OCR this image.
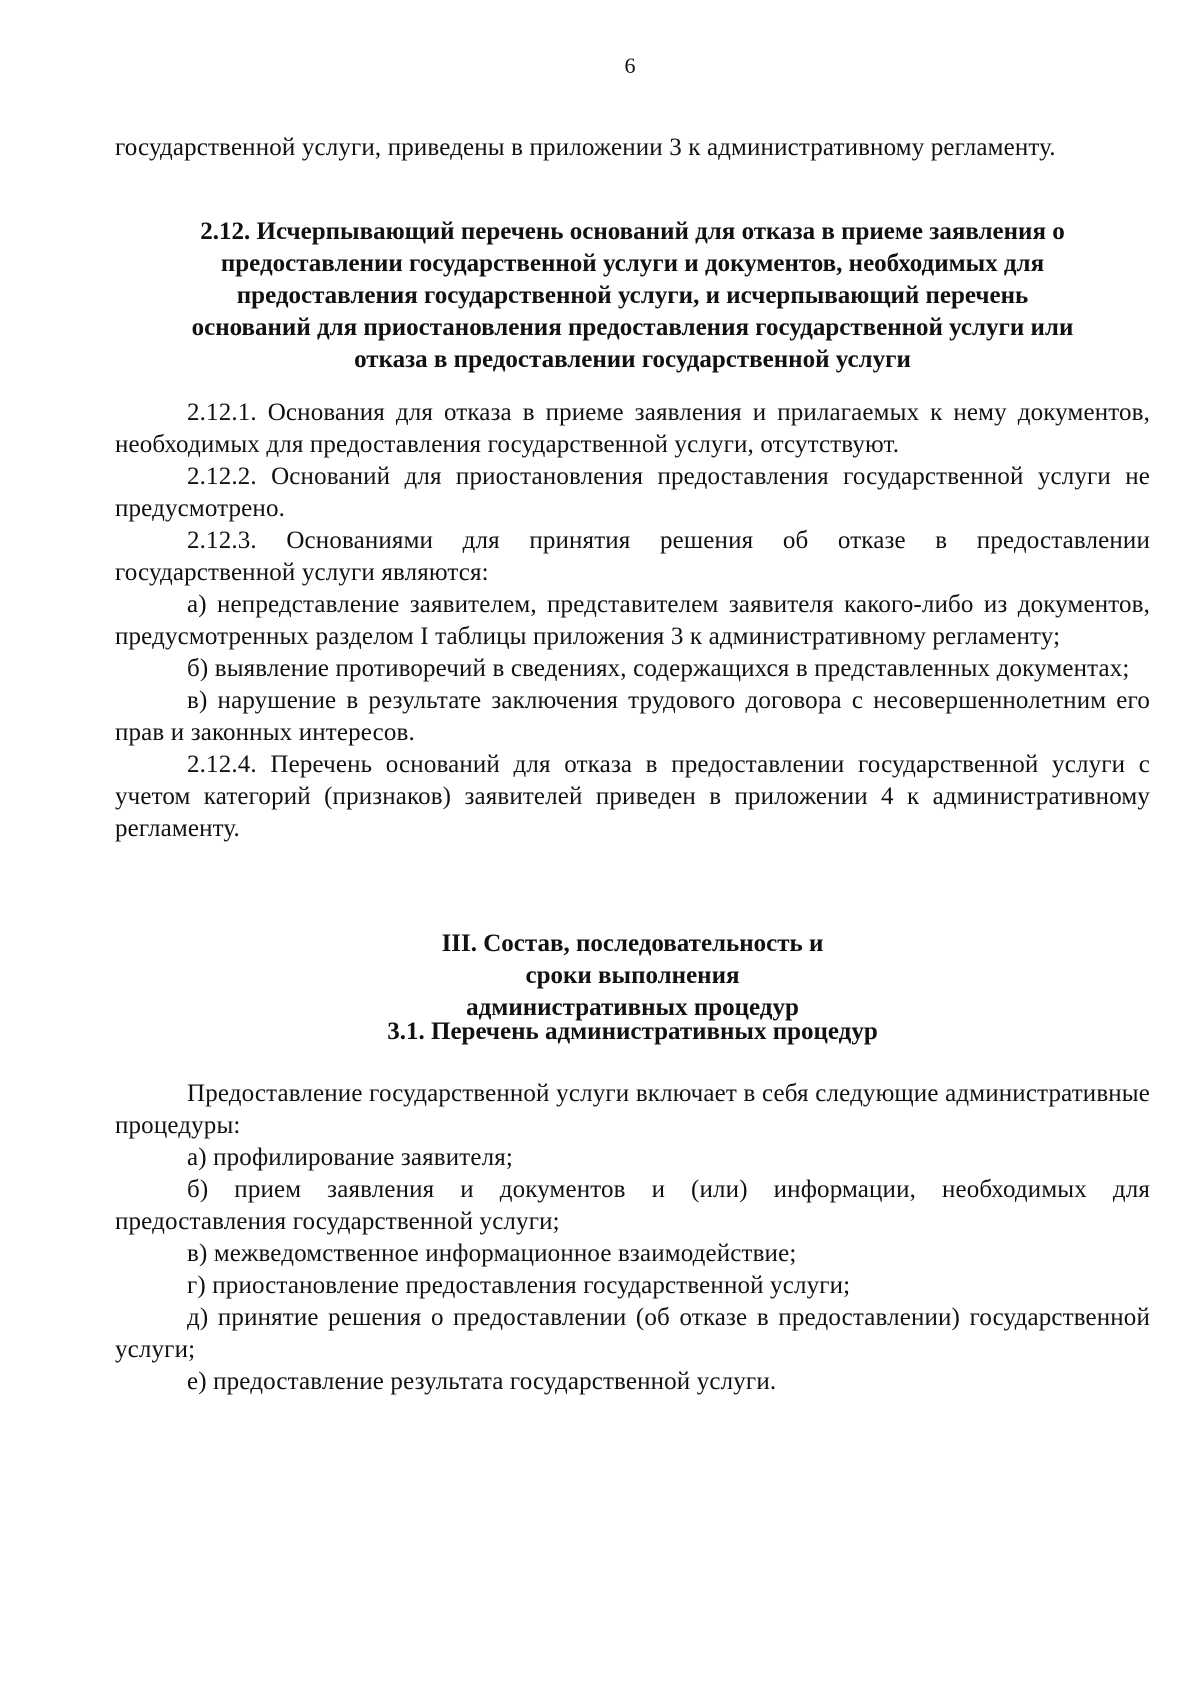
6

государственной услуги, приведены в приложении 3 к административному регламенту.

2.12. Исчерпывающий перечень оснований для отказа в приеме заявления о предоставлении государственной услуги и документов, необходимых для предоставления государственной услуги, и исчерпывающий перечень оснований для приостановления предоставления государственной услуги или отказа в предоставлении государственной услуги

2.12.1. Основания для отказа в приеме заявления и прилагаемых к нему документов, необходимых для предоставления государственной услуги, отсутствуют.

2.12.2. Оснований для приостановления предоставления государственной услуги не предусмотрено.

2.12.3. Основаниями для принятия решения об отказе в предоставлении государственной услуги являются:

а) непредставление заявителем, представителем заявителя какого-либо из документов, предусмотренных разделом I таблицы приложения 3 к административному регламенту;

б) выявление противоречий в сведениях, содержащихся в представленных документах;

в) нарушение в результате заключения трудового договора с несовершеннолетним его прав и законных интересов.

2.12.4. Перечень оснований для отказа в предоставлении государственной услуги с учетом категорий (признаков) заявителей приведен в приложении 4 к административному регламенту.

III. Состав, последовательность и сроки выполнения административных процедур

3.1. Перечень административных процедур

Предоставление государственной услуги включает в себя следующие административные процедуры:

а) профилирование заявителя;

б) прием заявления и документов и (или) информации, необходимых для предоставления государственной услуги;

в) межведомственное информационное взаимодействие;

г) приостановление предоставления государственной услуги;

д) принятие решения о предоставлении (об отказе в предоставлении) государственной услуги;

е) предоставление результата государственной услуги.
